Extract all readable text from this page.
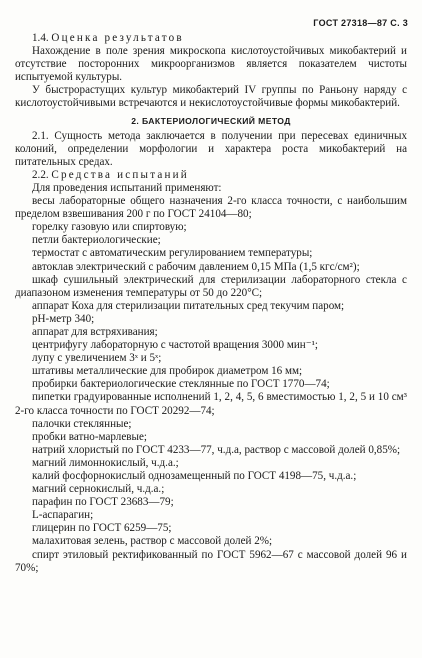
ГОСТ 27318—87 С. 3

1.4. Оценка результатов

Нахождение в поле зрения микроскопа кислотоустойчивых микобактерий и отсутствие посторонних микроорганизмов является показателем чистоты испытуемой культуры.

У быстрорастущих культур микобактерий IV группы по Раньону наряду с кислотоустойчивыми встречаются и некислотоустойчивые формы микобактерий.

2. БАКТЕРИОЛОГИЧЕСКИЙ МЕТОД

2.1. Сущность метода заключается в получении при пересевах единичных колоний, определении морфологии и характера роста микобактерий на питательных средах.

2.2. Средства испытаний

Для проведения испытаний применяют:

весы лабораторные общего назначения 2-го класса точности, с наибольшим пределом взвешивания 200 г по ГОСТ 24104—80;

горелку газовую или спиртовую;

петли бактериологические;

термостат с автоматическим регулированием температуры;

автоклав электрический с рабочим давлением 0,15 МПа (1,5 кгс/см²);

шкаф сушильный электрический для стерилизации лабораторного стекла с диапазоном изменения температуры от 50 до 220°С;

аппарат Коха для стерилизации питательных сред текучим паром;

рН-метр 340;

аппарат для встряхивания;

центрифугу лабораторную с частотой вращения 3000 мин⁻¹;

лупу с увеличением 3ˣ и 5ˣ;

штативы металлические для пробирок диаметром 16 мм;

пробирки бактериологические стеклянные по ГОСТ 1770—74;

пипетки градуированные исполнений 1, 2, 4, 5, 6 вместимостью 1, 2, 5 и 10 см³ 2-го класса точности по ГОСТ 20292—74;

палочки стеклянные;

пробки ватно-марлевые;

натрий хлористый по ГОСТ 4233—77, ч.д.а, раствор с массовой долей 0,85%;

магний лимоннокислый, ч.д.а.;

калий фосфорнокислый однозамещенный по ГОСТ 4198—75, ч.д.а.;

магний сернокислый, ч.д.а.;

парафин по ГОСТ 23683—79;

L-аспарагин;

глицерин по ГОСТ 6259—75;

малахитовая зелень, раствор с массовой долей 2%;

спирт этиловый ректификованный по ГОСТ 5962—67 с массовой долей 96 и 70%;
